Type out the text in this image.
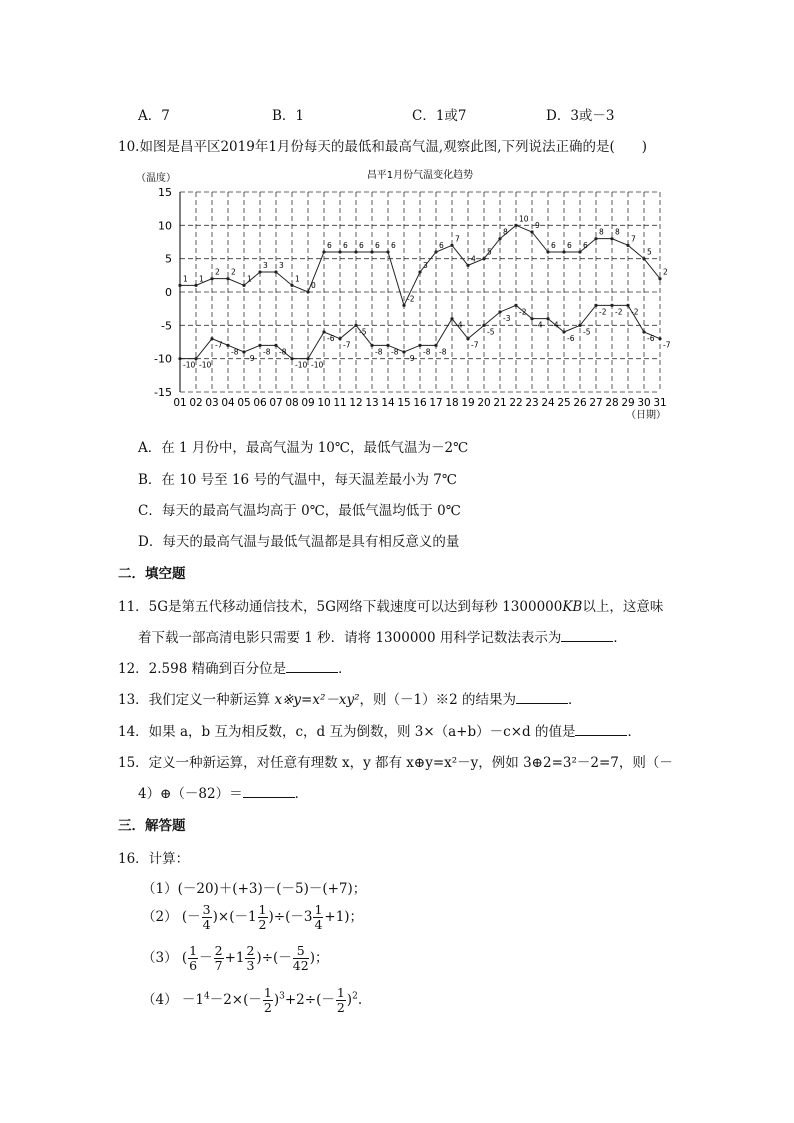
A．7	B．1	C．1或7	D．3或－3
10.如图是昌平区2019年1月份每天的最低和最高气温,观察此图,下列说法正确的是(　　)
昌平1月份气温变化趋势
（温度）
（日期）
15
10
5
0
-5
-10
-15
01 02 03 04 05 06 07 08 09 10 11 12 13 14 15 16 17 18 19 20 21 22 23 24 25 26 27 28 29 30 31
1 1
2 2
1
3 3
1
0
6 6 6 6 6
-2
3
6
7
4
5
8
10
9
6 6 6
8 8
7
5
2
-10 -10
-7
-8
-9
-8 -8
-10 -10
-6
-7
-5
-8 -8
-9
-8 -8
-4
-7
-5
-3
-2
-4 -4
-6
-5
-2 -2 -2
-6
-7
A．在 1 月份中，最高气温为 10℃，最低气温为－2℃
B．在 10 号至 16 号的气温中，每天温差最小为 7℃
C．每天的最高气温均高于 0℃，最低气温均低于 0℃
D．每天的最高气温与最低气温都是具有相反意义的量
二．填空题
11．5G是第五代移动通信技术，5G网络下载速度可以达到每秒 1300000KB以上，这意味
着下载一部高清电影只需要 1 秒．请将 1300000 用科学记数法表示为	．
12．2.598 精确到百分位是	．
13．我们定义一种新运算 x※y=x²－xy²，则（－1）※2 的结果为	．
14．如果 a，b 互为相反数，c，d 互为倒数，则 3×（a+b）－c×d 的值是	．
15．定义一种新运算，对任意有理数 x，y 都有 x⊕y=x²－y，例如 3⊕2=3²－2=7，则（－
4）⊕（－82）＝	．
三．解答题
16．计算：
（1）(－20)＋(+3)－(－5)－(+7)；
（2） (－ $\frac{3}{4} )\times(-1 \frac{1}{2} )\div(-3 \frac{1}{4} +1)$；
（3） ( $\frac{1}{6} - \frac{2}{7} +1 \frac{2}{3}$ )÷(－ $\frac{5}{42}$ )；
$(4) -1^4-2\times(- \frac{1}{2} )^3+2\div(- \frac{1}{2} )^2$.
